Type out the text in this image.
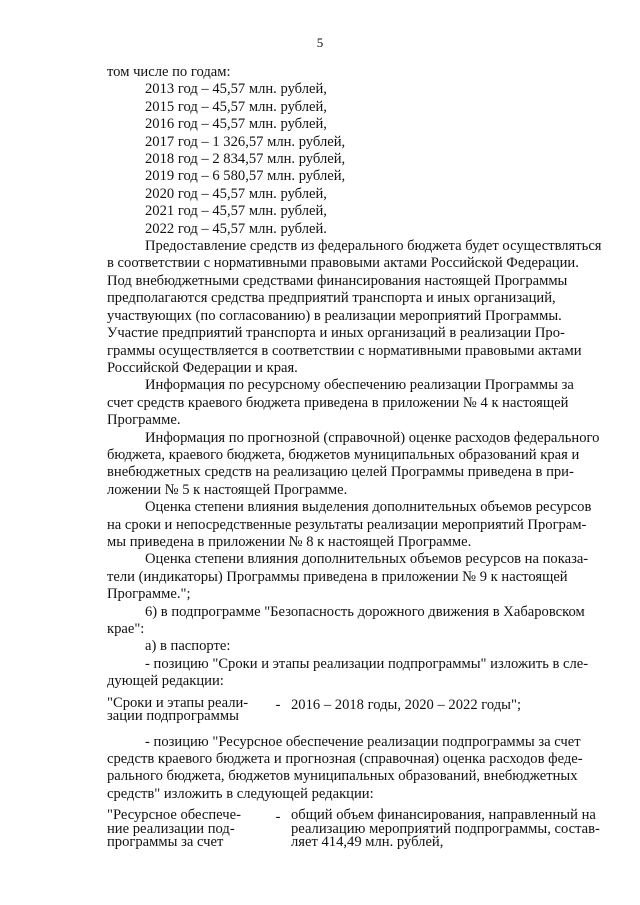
5
том числе по годам:
2013 год – 45,57 млн. рублей,
2015 год – 45,57 млн. рублей,
2016 год – 45,57 млн. рублей,
2017 год – 1 326,57 млн. рублей,
2018 год – 2 834,57 млн. рублей,
2019 год – 6 580,57 млн. рублей,
2020 год – 45,57 млн. рублей,
2021 год – 45,57 млн. рублей,
2022 год – 45,57 млн. рублей.
Предоставление средств из федерального бюджета будет осуществляться
в соответствии с нормативными правовыми актами Российской Федерации.
Под внебюджетными средствами финансирования настоящей Программы
предполагаются средства предприятий транспорта и иных организаций,
участвующих (по согласованию) в реализации мероприятий Программы.
Участие предприятий транспорта и иных организаций в реализации Про-
граммы осуществляется в соответствии с нормативными правовыми актами
Российской Федерации и края.
Информация по ресурсному обеспечению реализации Программы за
счет средств краевого бюджета приведена в приложении № 4 к настоящей
Программе.
Информация по прогнозной (справочной) оценке расходов федерального
бюджета, краевого бюджета, бюджетов муниципальных образований края и
внебюджетных средств на реализацию целей Программы приведена в при-
ложении № 5 к настоящей Программе.
Оценка степени влияния выделения дополнительных объемов ресурсов
на сроки и непосредственные результаты реализации мероприятий Програм-
мы приведена в приложении № 8 к настоящей Программе.
Оценка степени влияния дополнительных объемов ресурсов на показа-
тели (индикаторы) Программы приведена в приложении № 9 к настоящей
Программе.";
6) в подпрограмме "Безопасность дорожного движения в Хабаровском
крае":
а) в паспорте:
- позицию "Сроки и этапы реализации подпрограммы" изложить в сле-
дующей редакции:
"Сроки и этапы реали-
зации подпрограммы
- 2016 – 2018 годы, 2020 – 2022 годы";
- позицию "Ресурсное обеспечение реализации подпрограммы за счет
средств краевого бюджета и прогнозная (справочная) оценка расходов феде-
рального бюджета, бюджетов муниципальных образований, внебюджетных
средств" изложить в следующей редакции:
"Ресурсное обеспече-
ние реализации под-
программы за счет
- общий объем финансирования, направленный на
реализацию мероприятий подпрограммы, состав-
ляет 414,49 млн. рублей,
